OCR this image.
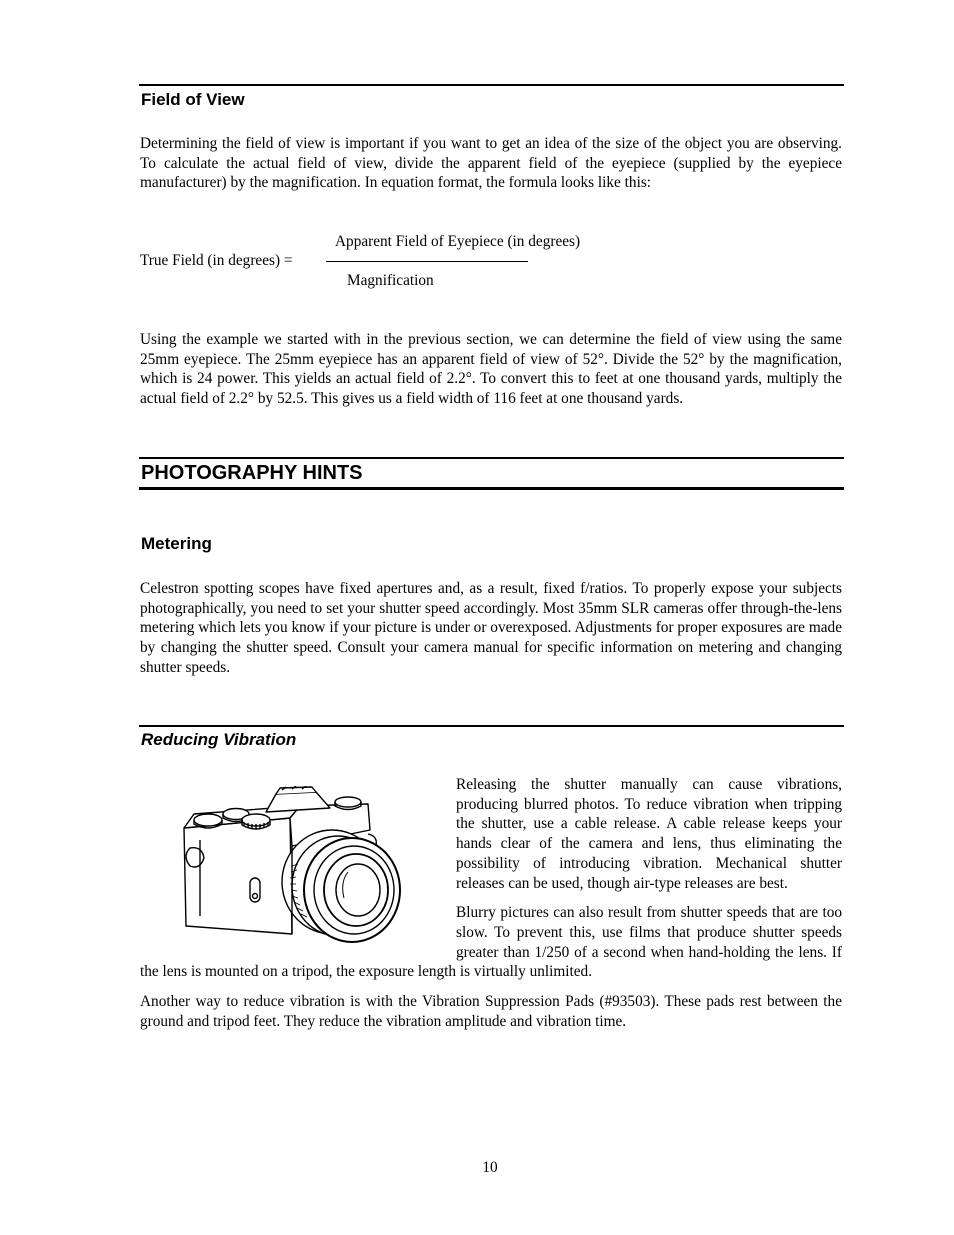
Field of View

Determining the field of view is important if you want to get an idea of the size of the object you are observing. To calculate the actual field of view, divide the apparent field of the eyepiece (supplied by the eyepiece manufacturer) by the magnification. In equation format, the formula looks like this:

Apparent Field of Eyepiece (in degrees)

True Field (in degrees) =

Magnification

Using the example we started with in the previous section, we can determine the field of view using the same 25mm eyepiece. The 25mm eyepiece has an apparent field of view of 52°. Divide the 52° by the magnification, which is 24 power. This yields an actual field of 2.2°. To convert this to feet at one thousand yards, multiply the actual field of 2.2° by 52.5. This gives us a field width of 116 feet at one thousand yards.

PHOTOGRAPHY HINTS
Metering

Celestron spotting scopes have fixed apertures and, as a result, fixed f/ratios. To properly expose your subjects photographically, you need to set your shutter speed accordingly. Most 35mm SLR cameras offer through-the-lens metering which lets you know if your picture is under or overexposed. Adjustments for proper exposures are made by changing the shutter speed. Consult your camera manual for specific information on metering and changing shutter speeds.

Reducing Vibration

Releasing the shutter manually can cause vibrations, producing blurred photos. To reduce vibration when tripping the shutter, use a cable release. A cable release keeps your hands clear of the camera and lens, thus eliminating the possibility of introducing vibration. Mechanical shutter releases can be used, though air-type releases are best.

Blurry pictures can also result from shutter speeds that are too slow. To prevent this, use films that produce shutter speeds greater than 1/250 of a second when hand-holding the lens. If the lens is mounted on a tripod, the exposure length is virtually unlimited.

Another way to reduce vibration is with the Vibration Suppression Pads (#93503). These pads rest between the ground and tripod feet. They reduce the vibration amplitude and vibration time.

10
